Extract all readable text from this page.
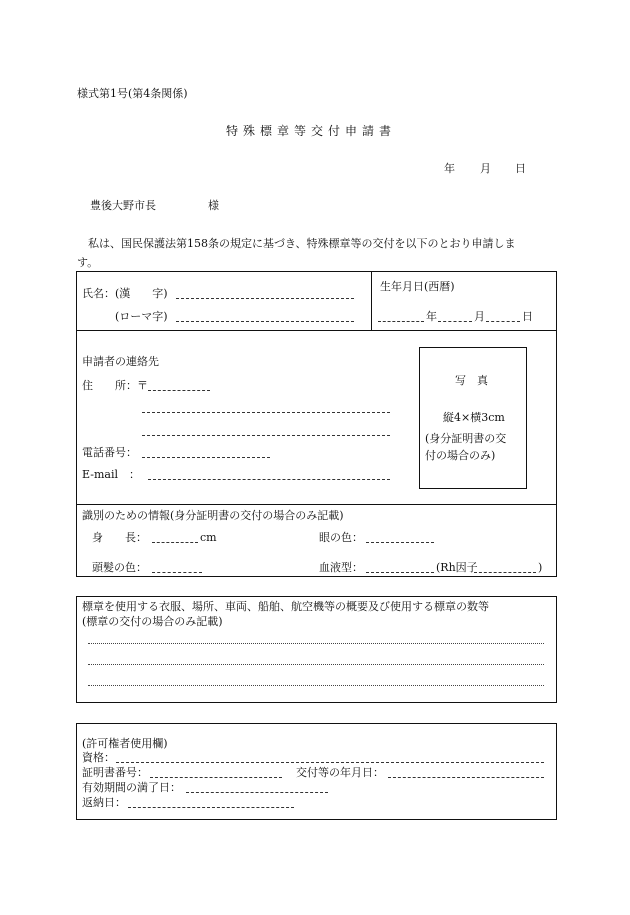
様式第1号(第4条関係)
特殊標章等交付申請書
年 月 日
豊後大野市長	様
私は、国民保護法第158条の規定に基づき、特殊標章等の交付を以下のとおり申請しま
す。
氏名：(漢　　字)
(ローマ字)
生年月日(西暦)
年	月	日
申請者の連絡先
住　　所：〒
電話番号：
E-mail　：
写　真
縦4×横3cm
(身分証明書の交
付の場合のみ)
識別のための情報(身分証明書の交付の場合のみ記載)
身　　長：	cm	眼の色：
頭髪の色：	血液型：	(Rh因子	)
標章を使用する衣服、場所、車両、船舶、航空機等の概要及び使用する標章の数等
(標章の交付の場合のみ記載)
(許可権者使用欄)
資格：
証明書番号：	交付等の年月日：
有効期間の満了日：
返納日：
